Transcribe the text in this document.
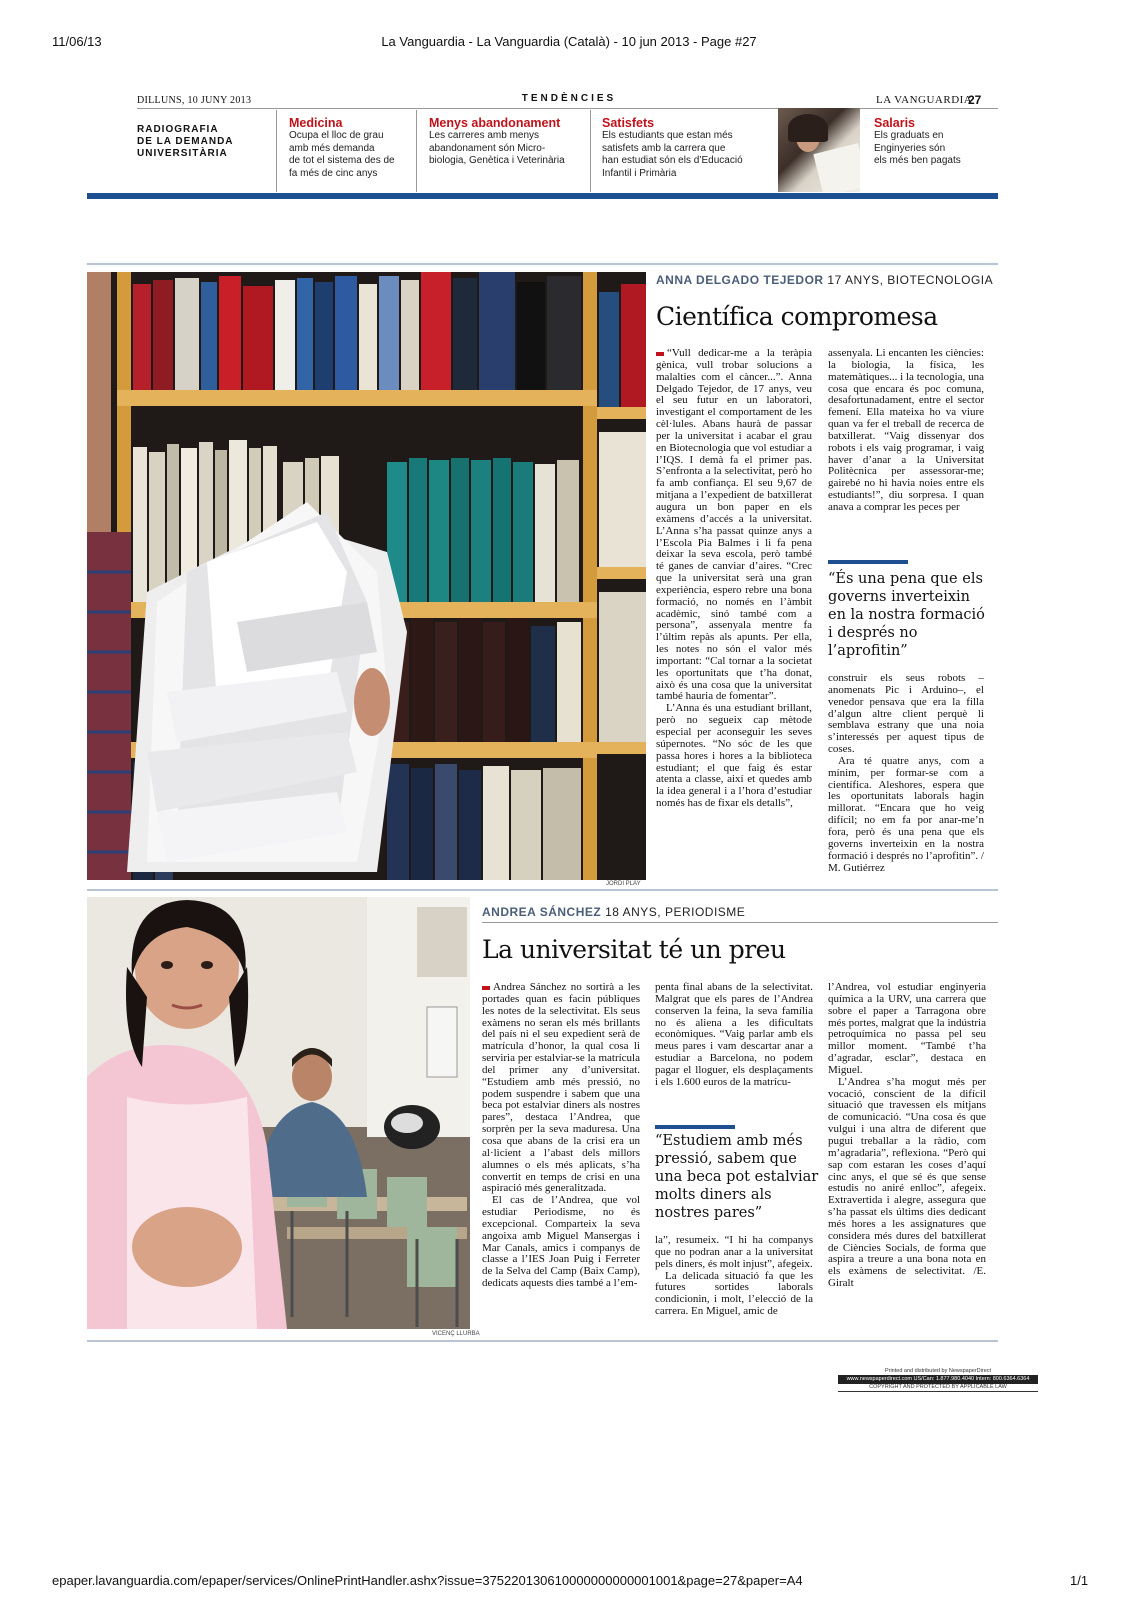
11/06/13	La Vanguardia - La Vanguardia (Català) - 10 jun 2013 - Page #27
DILLUNS, 10 JUNY 2013	TENDÈNCIES	LA VANGUARDIA
27
RADIOGRAFIA
DE LA DEMANDA
UNIVERSITÀRIA
Medicina
Ocupa el lloc de grau
amb més demanda
de tot el sistema des de
fa més de cinc anys
Menys abandonament
Les carreres amb menys
abandonament són Micro-
biologia, Genètica i Veterinària
Satisfets
Els estudiants que estan més
satisfets amb la carrera que
han estudiat són els d’Educació
Infantil i Primària
Salaris
Els graduats en
Enginyeries són
els més ben pagats
JORDI PLAY
ANNA DELGADO TEJEDOR 17 ANYS, BIOTECNOLOGIA
Científica compromesa

“Vull dedicar-me a la teràpia gènica, vull trobar solucions a malalties com el càncer...”. Anna Delgado Tejedor, de 17 anys, veu el seu futur en un laboratori, investigant el comportament de les cèl·lules. Abans haurà de passar per la universitat i acabar el grau en Biotecnologia que vol estudiar a l’IQS. I demà fa el primer pas. S’enfronta a la selectivitat, però ho fa amb confiança. El seu 9,67 de mitjana a l’expedient de batxillerat augura un bon paper en els exàmens d’accés a la universitat. L’Anna s’ha passat quinze anys a l’Escola Pia Balmes i li fa pena deixar la seva escola, però també té ganes de canviar d’aires. “Crec que la universitat serà una gran experiència, espero rebre una bona formació, no només en l’àmbit acadèmic, sinó també com a persona”, assenyala mentre fa l’últim repàs als apunts. Per ella, les notes no són el valor més important: “Cal tornar a la societat les oportunitats que t’ha donat, això és una cosa que la universitat també hauria de fomentar”.

L’Anna és una estudiant brillant, però no segueix cap mètode especial per aconseguir les seves súpernotes. “No sóc de les que passa hores i hores a la biblioteca estudiant; el que faig és estar atenta a classe, així et quedes amb la idea general i a l’hora d’estudiar només has de fixar els detalls”,

assenyala. Li encanten les ciències: la biologia, la física, les matemàtiques... i la tecnologia, una cosa que encara és poc comuna, desafortunadament, entre el sector femení. Ella mateixa ho va viure quan va fer el treball de recerca de batxillerat. “Vaig dissenyar dos robots i els vaig programar, i vaig haver d’anar a la Universitat Politècnica per assessorar-me; gairebé no hi havia noies entre els estudiants!”, diu sorpresa. I quan anava a comprar les peces per

“És una pena que els governs inverteixin en la nostra formació i després no l’aprofitin”

construir els seus robots –anomenats Pic i Arduino–, el venedor pensava que era la filla d’algun altre client perquè li semblava estrany que una noia s’interessés per aquest tipus de coses.

Ara té quatre anys, com a mínim, per formar-se com a científica. Aleshores, espera que les oportunitats laborals hagin millorat. “Encara que ho veig difícil; no em fa por anar-me’n fora, però és una pena que els governs inverteixin en la nostra formació i després no l’aprofitin”. / M. Gutiérrez

VICENÇ LLURBA
ANDREA SÁNCHEZ 18 ANYS, PERIODISME
La universitat té un preu

Andrea Sánchez no sortirà a les portades quan es facin públiques les notes de la selectivitat. Els seus exàmens no seran els més brillants del país ni el seu expedient serà de matrícula d’honor, la qual cosa li serviria per estalviar-se la matrícula del primer any d’universitat. “Estudiem amb més pressió, no podem suspendre i sabem que una beca pot estalviar diners als nostres pares”, destaca l’Andrea, que sorprèn per la seva maduresa. Una cosa que abans de la crisi era un al·licient a l’abast dels millors alumnes o els més aplicats, s’ha convertit en temps de crisi en una aspiració més generalitzada.

El cas de l’Andrea, que vol estudiar Periodisme, no és excepcional. Comparteix la seva angoixa amb Miguel Mansergas i Mar Canals, amics i companys de classe a l’IES Joan Puig i Ferreter de la Selva del Camp (Baix Camp), dedicats aquests dies també a l’em-

penta final abans de la selectivitat. Malgrat que els pares de l’Andrea conserven la feina, la seva família no és aliena a les dificultats econòmiques. “Vaig parlar amb els meus pares i vam descartar anar a estudiar a Barcelona, no podem pagar el lloguer, els desplaçaments i els 1.600 euros de la matrícu-

“Estudiem amb més pressió, sabem que una beca pot estalviar molts diners als nostres pares”

la”, resumeix. “I hi ha companys que no podran anar a la universitat pels diners, és molt injust”, afegeix.

La delicada situació fa que les futures sortides laborals condicionin, i molt, l’elecció de la carrera. En Miguel, amic de

l’Andrea, vol estudiar enginyeria química a la URV, una carrera que sobre el paper a Tarragona obre més portes, malgrat que la indústria petroquímica no passa pel seu millor moment. “També t’ha d’agradar, esclar”, destaca en Miguel.

L’Andrea s’ha mogut més per vocació, conscient de la difícil situació que travessen els mitjans de comunicació. “Una cosa és que vulgui i una altra de diferent que pugui treballar a la ràdio, com m’agradaria”, reflexiona. “Però qui sap com estaran les coses d’aquí cinc anys, el que sé és que sense estudis no aniré enlloc”, afegeix. Extravertida i alegre, assegura que s’ha passat els últims dies dedicant més hores a les assignatures que considera més dures del batxillerat de Ciències Socials, de forma que aspira a treure a una bona nota en els exàmens de selectivitat. /E. Giralt

Printed and distributed by NewspaperDirect
www.newspaperdirect.com US/Can: 1.877.980.4040 Intern: 800.6364.6364
COPYRIGHT AND PROTECTED BY APPLICABLE LAW
epaper.lavanguardia.com/epaper/services/OnlinePrintHandler.ashx?issue=375220130610000000000001001&page=27&paper=A4	1/1
